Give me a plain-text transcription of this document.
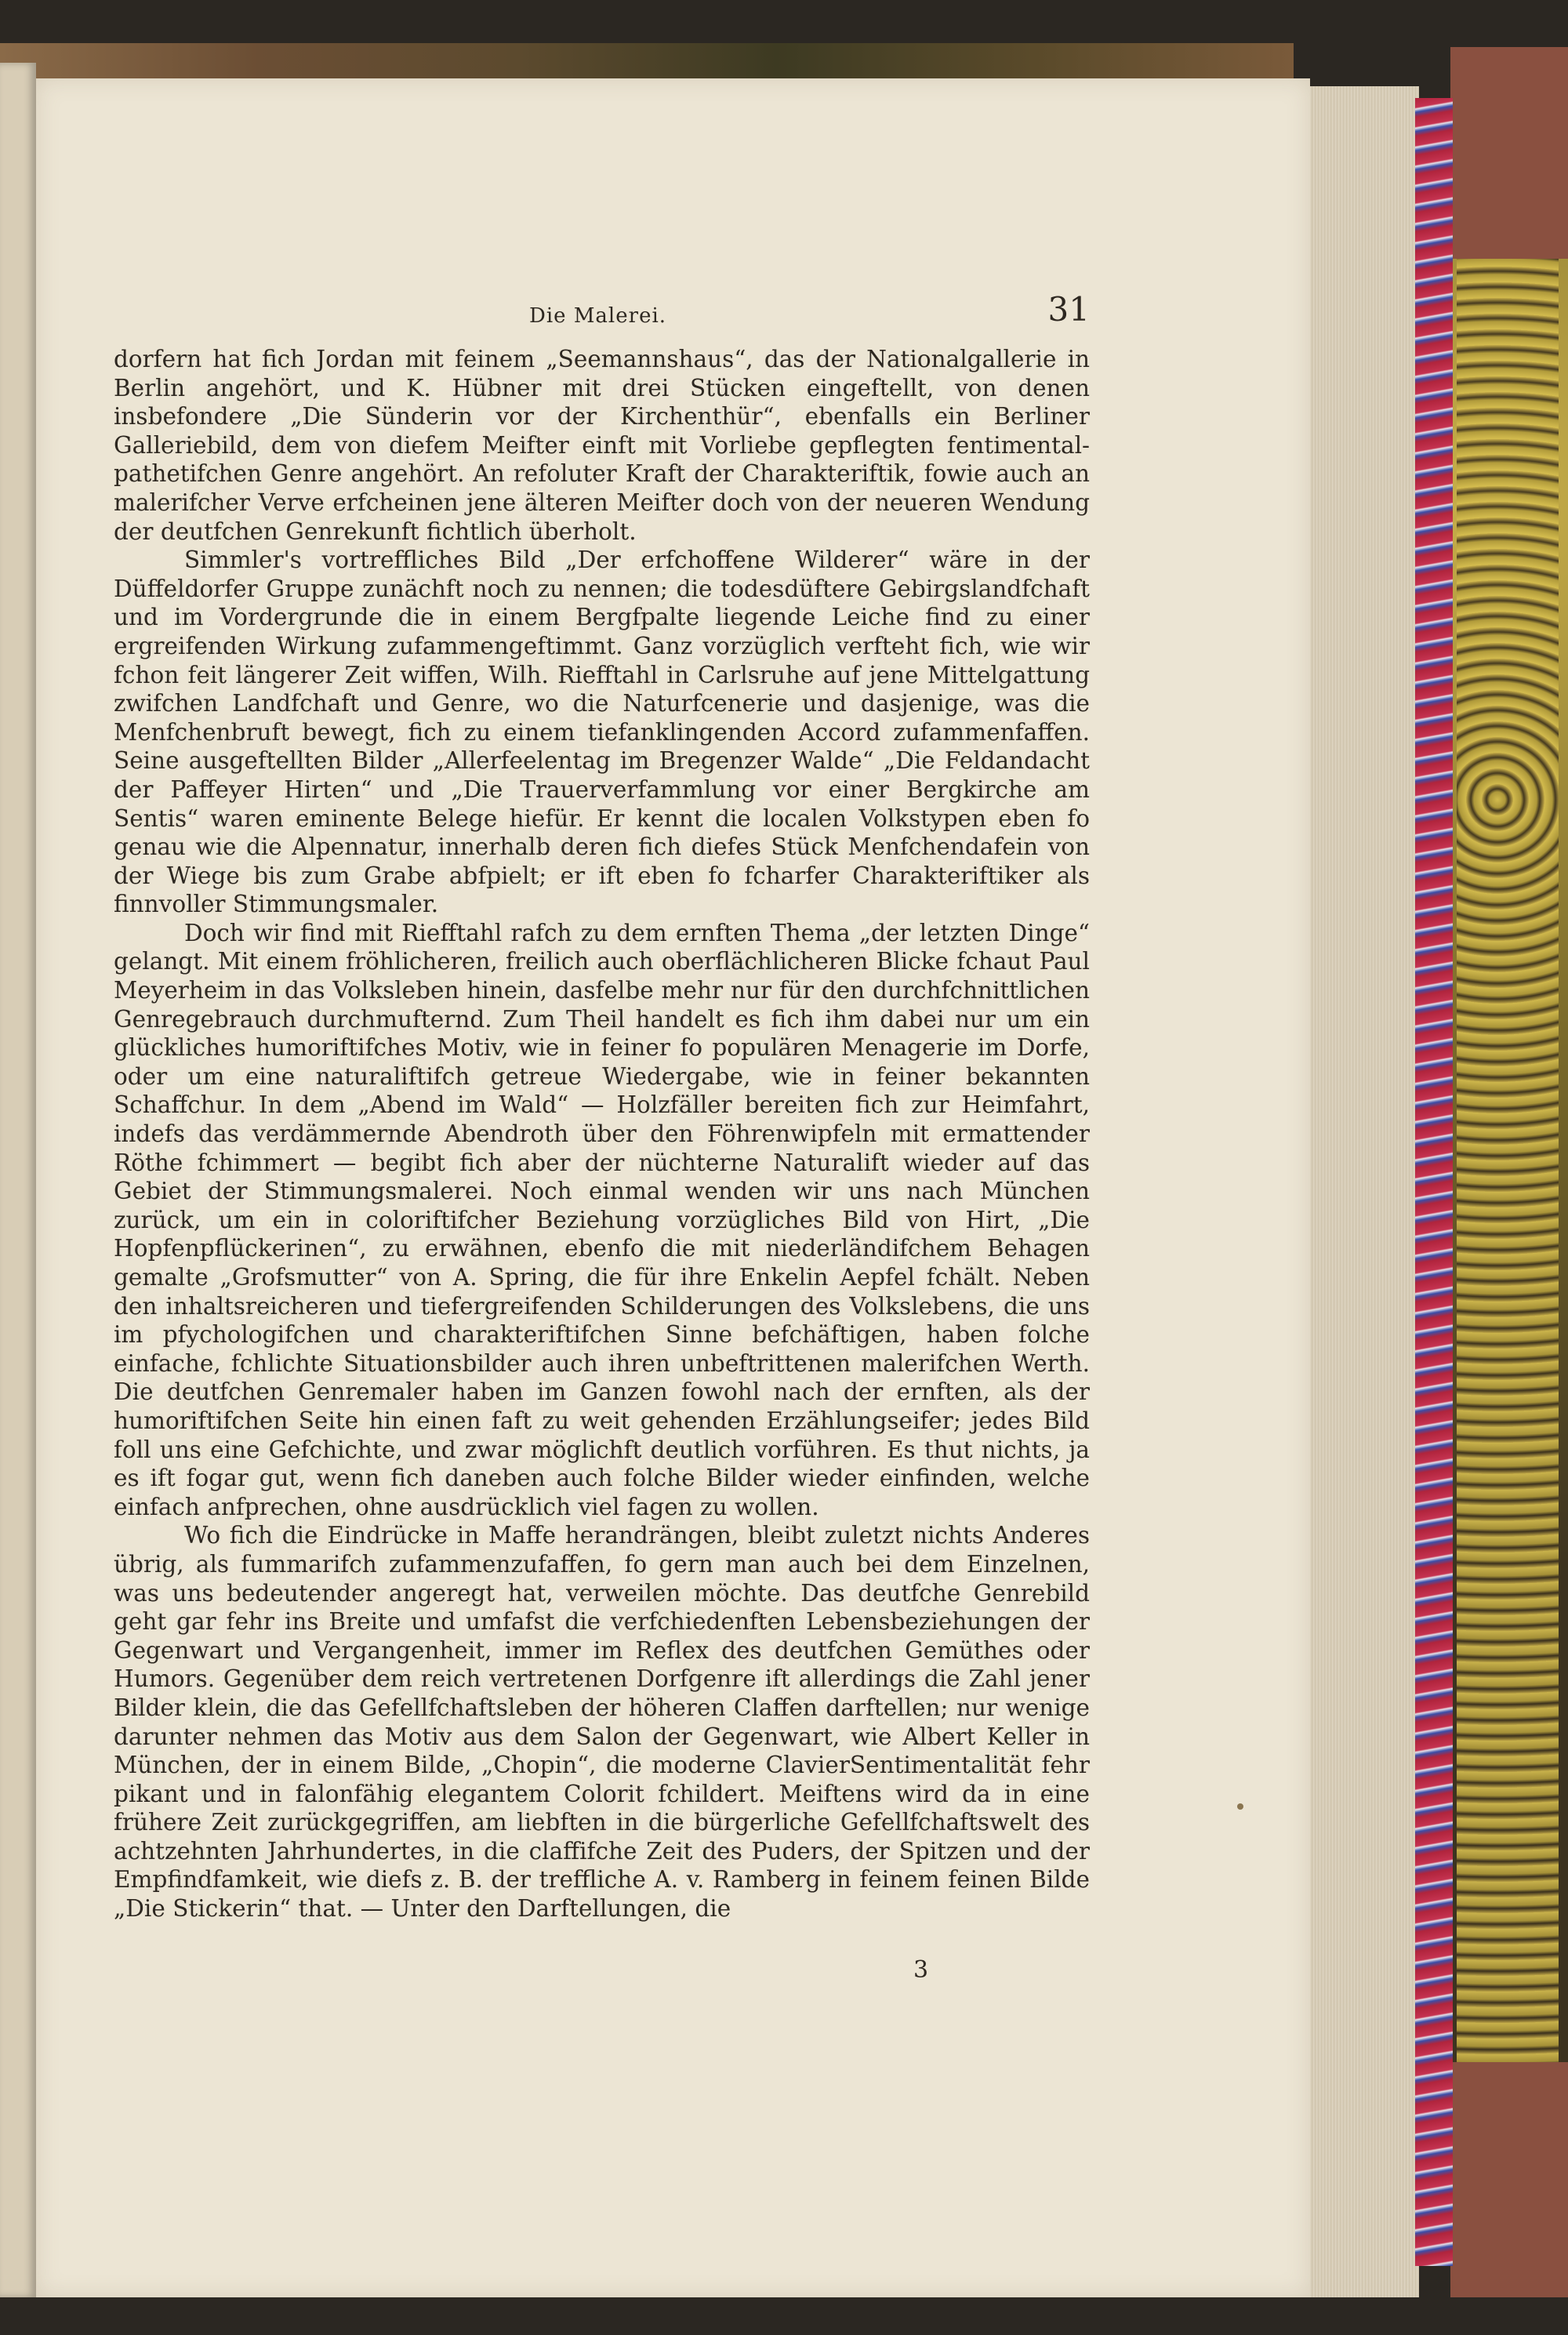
Die Malerei.	31

dorfern hat fich Jordan mit feinem „Seemannshaus“, das der Nationalgallerie in Berlin angehört, und K. Hübner mit drei Stücken eingeftellt, von denen insbefondere „Die Sünderin vor der Kirchenthür“, ebenfalls ein Berliner Galleriebild, dem von diefem Meifter einft mit Vorliebe gepflegten fentimental-pathetifchen Genre angehört. An refoluter Kraft der Charakteriftik, fowie auch an malerifcher Verve erfcheinen jene älteren Meifter doch von der neueren Wendung der deutfchen Genrekunft fichtlich überholt.

Simmler's vortreffliches Bild „Der erfchoffene Wilderer“ wäre in der Düffeldorfer Gruppe zunächft noch zu nennen; die todesdüftere Gebirgslandfchaft und im Vordergrunde die in einem Bergfpalte liegende Leiche find zu einer ergreifenden Wirkung zufammengeftimmt. Ganz vorzüglich verfteht fich, wie wir fchon feit längerer Zeit wiffen, Wilh. Riefftahl in Carlsruhe auf jene Mittelgattung zwifchen Landfchaft und Genre, wo die Naturfcenerie und dasjenige, was die Menfchenbruft bewegt, fich zu einem tiefanklingenden Accord zufammenfaffen. Seine ausgeftellten Bilder „Allerfeelentag im Bregenzer Walde“ „Die Feldandacht der Paffeyer Hirten“ und „Die Trauerverfammlung vor einer Bergkirche am Sentis“ waren eminente Belege hiefür. Er kennt die localen Volkstypen eben fo genau wie die Alpennatur, innerhalb deren fich diefes Stück Menfchendafein von der Wiege bis zum Grabe abfpielt; er ift eben fo fcharfer Charakteriftiker als finnvoller Stimmungsmaler.

Doch wir find mit Riefftahl rafch zu dem ernften Thema „der letzten Dinge“ gelangt. Mit einem fröhlicheren, freilich auch oberflächlicheren Blicke fchaut Paul Meyerheim in das Volksleben hinein, dasfelbe mehr nur für den durchfchnittlichen Genregebrauch durchmufternd. Zum Theil handelt es fich ihm dabei nur um ein glückliches humoriftifches Motiv, wie in feiner fo populären Menagerie im Dorfe, oder um eine naturaliftifch getreue Wiedergabe, wie in feiner bekannten Schaffchur. In dem „Abend im Wald“ — Holzfäller bereiten fich zur Heimfahrt, indefs das verdämmernde Abendroth über den Föhrenwipfeln mit ermattender Röthe fchimmert — begibt fich aber der nüchterne Naturalift wieder auf das Gebiet der Stimmungsmalerei. Noch einmal wenden wir uns nach München zurück, um ein in coloriftifcher Beziehung vorzügliches Bild von Hirt, „Die Hopfenpflückerinen“, zu erwähnen, ebenfo die mit niederländifchem Behagen gemalte „Grofsmutter“ von A. Spring, die für ihre Enkelin Aepfel fchält. Neben den inhaltsreicheren und tiefergreifenden Schilderungen des Volkslebens, die uns im pfychologifchen und charakteriftifchen Sinne befchäftigen, haben folche einfache, fchlichte Situationsbilder auch ihren unbeftrittenen malerifchen Werth. Die deutfchen Genremaler haben im Ganzen fowohl nach der ernften, als der humoriftifchen Seite hin einen faft zu weit gehenden Erzählungseifer; jedes Bild foll uns eine Gefchichte, und zwar möglichft deutlich vorführen. Es thut nichts, ja es ift fogar gut, wenn fich daneben auch folche Bilder wieder einfinden, welche einfach anfprechen, ohne ausdrücklich viel fagen zu wollen.

Wo fich die Eindrücke in Maffe herandrängen, bleibt zuletzt nichts Anderes übrig, als fummarifch zufammenzufaffen, fo gern man auch bei dem Einzelnen, was uns bedeutender angeregt hat, verweilen möchte. Das deutfche Genrebild geht gar fehr ins Breite und umfafst die verfchiedenften Lebensbeziehungen der Gegenwart und Vergangenheit, immer im Reflex des deutfchen Gemüthes oder Humors. Gegenüber dem reich vertretenen Dorfgenre ift allerdings die Zahl jener Bilder klein, die das Gefellfchaftsleben der höheren Claffen darftellen; nur wenige darunter nehmen das Motiv aus dem Salon der Gegenwart, wie Albert Keller in München, der in einem Bilde, „Chopin“, die moderne ClavierSentimentalität fehr pikant und in falonfähig elegantem Colorit fchildert. Meiftens wird da in eine frühere Zeit zurückgegriffen, am liebften in die bürgerliche Gefellfchaftswelt des achtzehnten Jahrhundertes, in die claffifche Zeit des Puders, der Spitzen und der Empfindfamkeit, wie diefs z. B. der treffliche A. v. Ramberg in feinem feinen Bilde „Die Stickerin“ that. — Unter den Darftellungen, die

3
